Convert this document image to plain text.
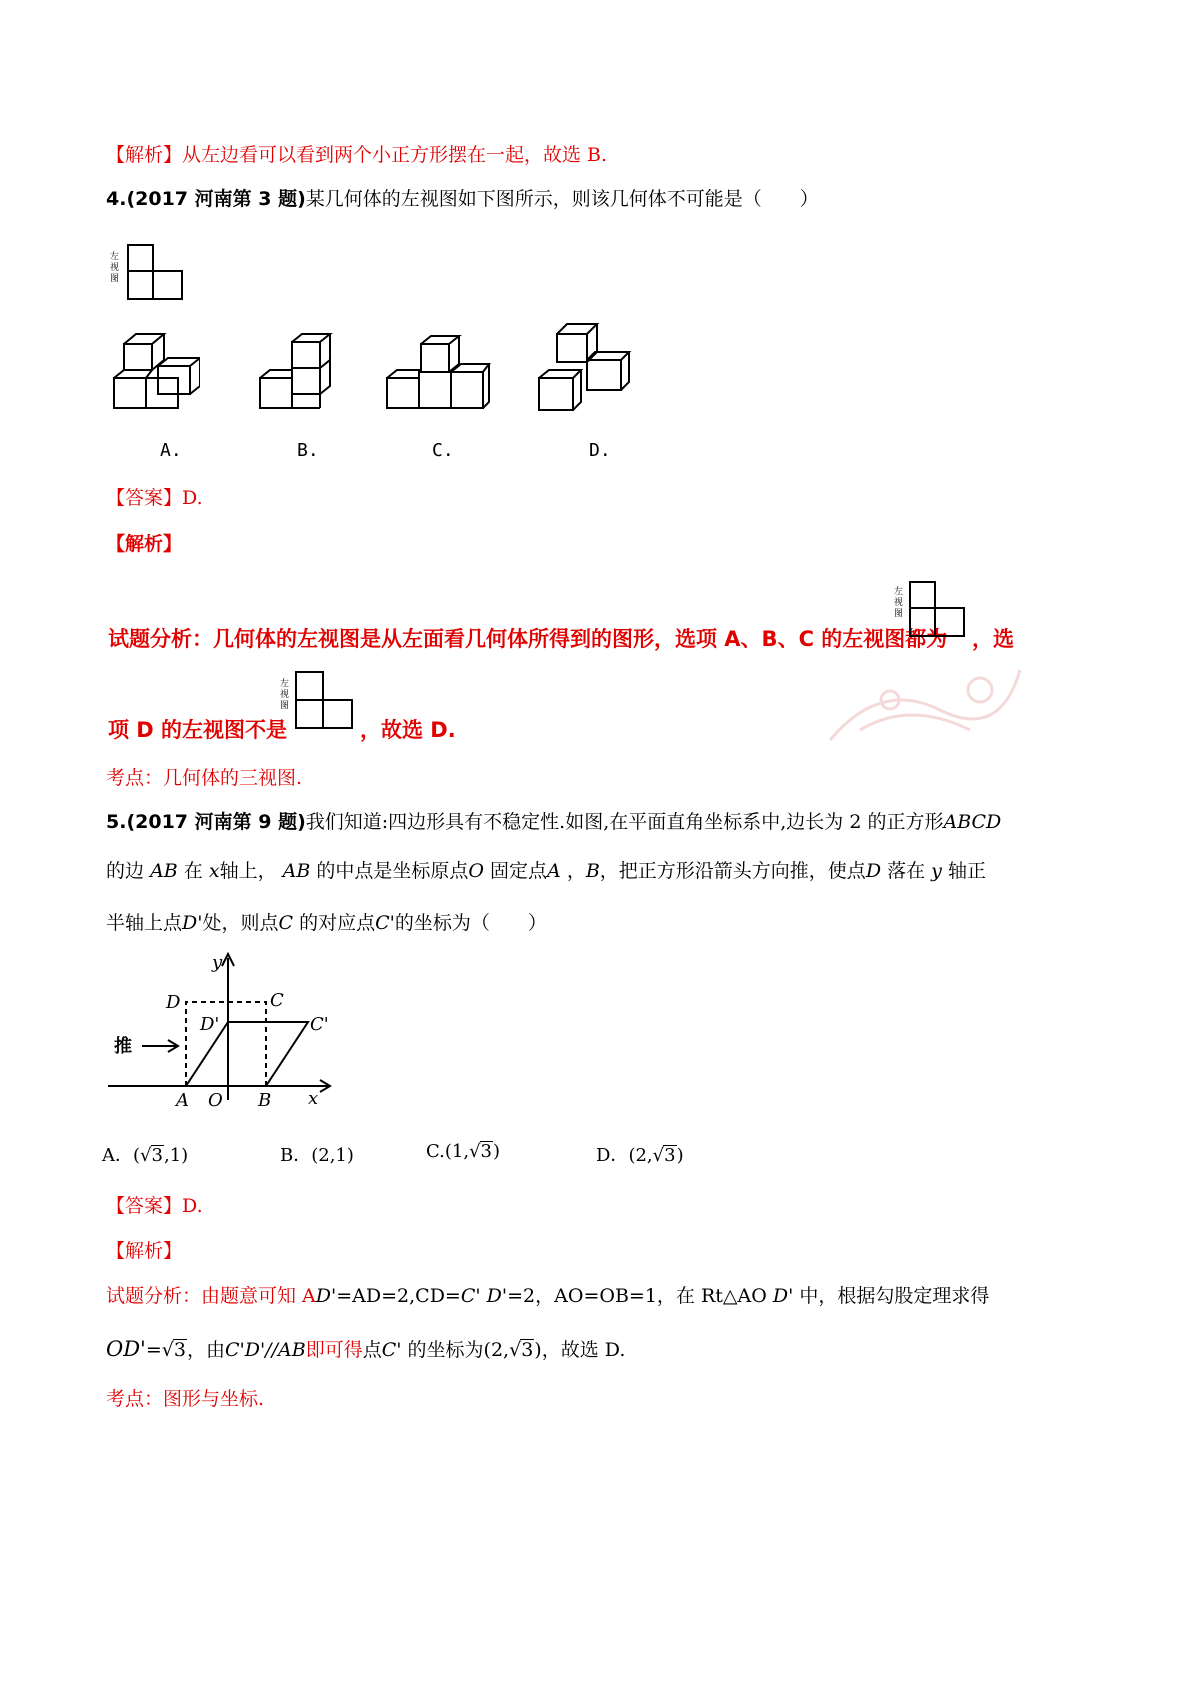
【解析】从左边看可以看到两个小正方形摆在一起，故选 B.
4.(2017 河南第 3 题)某几何体的左视图如下图所示，则该几何体不可能是（　　）
左视图
A.	B.	C.	D.
【答案】D.
【解析】
试题分析：几何体的左视图是从左面看几何体所得到的图形，选项 A、B、C 的左视图都为
左视图
，选
项 D 的左视图不是
左视图
，故选 D.
考点：几何体的三视图.
5.(2017 河南第 9 题)我们知道:四边形具有不稳定性.如图,在平面直角坐标系中,边长为 2 的正方形ABCD
的边 AB 在 x轴上， AB 的中点是坐标原点O 固定点A ，B，把正方形沿箭头方向推，使点D 落在 y 轴正
半轴上点D'处，则点C 的对应点C'的坐标为（　　）
y
x
D	C
D'	C'
A O B
推
A．(√3,1)	B．(2,1)	C.(1,√3)	D．(2,√3)
【答案】D.
【解析】
试题分析：由题意可知 AD'=AD=2,CD=C' D'=2，AO=OB=1，在 Rt△AO D' 中，根据勾股定理求得
OD'=√3，由C'D'//AB即可得点C' 的坐标为(2,√3)，故选 D.
考点：图形与坐标.
